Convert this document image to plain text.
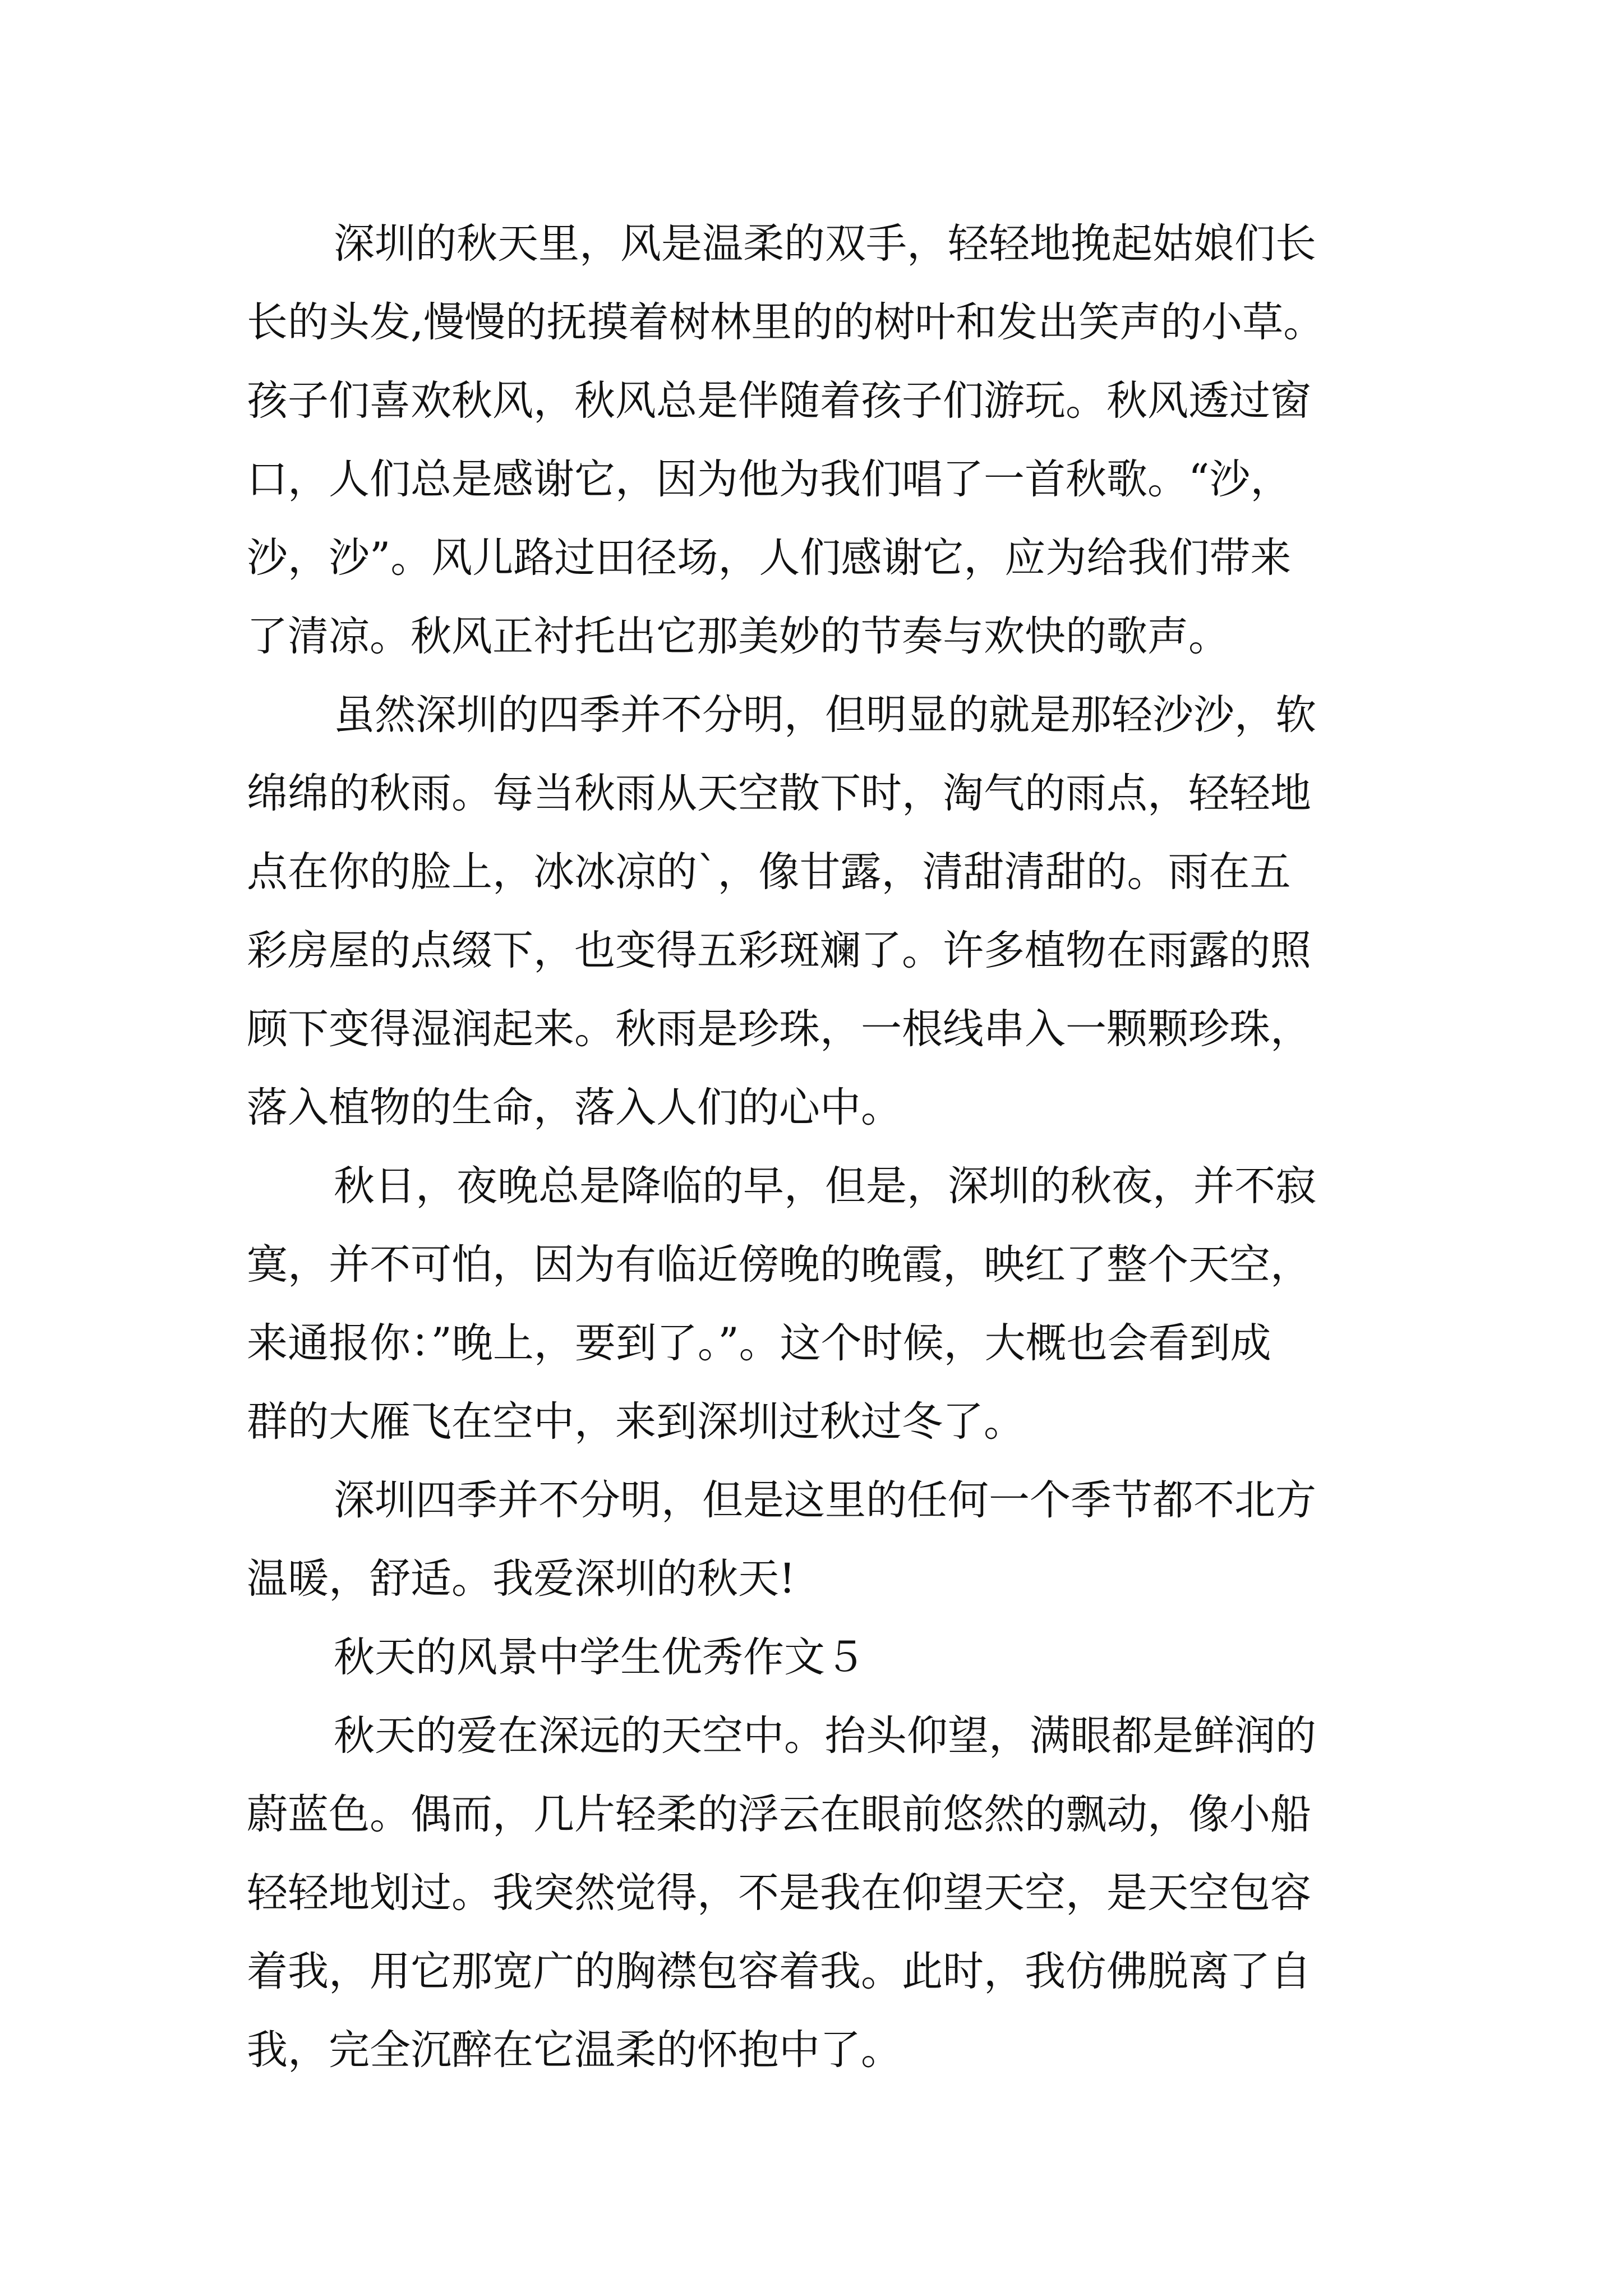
深圳的秋天里，风是温柔的双手，轻轻地挽起姑娘们长

长的头发,慢慢的抚摸着树林里的的树叶和发出笑声的小草。

孩子们喜欢秋风，秋风总是伴随着孩子们游玩。秋风透过窗

口，人们总是感谢它，因为他为我们唱了一首秋歌。“沙，

沙，沙”。风儿路过田径场，人们感谢它，应为给我们带来

了清凉。秋风正衬托出它那美妙的节奏与欢快的歌声。

虽然深圳的四季并不分明，但明显的就是那轻沙沙，软

绵绵的秋雨。每当秋雨从天空散下时，淘气的雨点，轻轻地

点在你的脸上，冰冰凉的`，像甘露，清甜清甜的。雨在五

彩房屋的点缀下，也变得五彩斑斓了。许多植物在雨露的照

顾下变得湿润起来。秋雨是珍珠，一根线串入一颗颗珍珠，

落入植物的生命，落入人们的心中。

秋日，夜晚总是降临的早，但是，深圳的秋夜，并不寂

寞，并不可怕，因为有临近傍晚的晚霞，映红了整个天空，

来通报你：”晚上，要到了。”。这个时候，大概也会看到成

群的大雁飞在空中，来到深圳过秋过冬了。

深圳四季并不分明，但是这里的任何一个季节都不北方

温暖，舒适。我爱深圳的秋天!

秋天的风景中学生优秀作文５

秋天的爱在深远的天空中。抬头仰望，满眼都是鲜润的

蔚蓝色。偶而，几片轻柔的浮云在眼前悠然的飘动，像小船

轻轻地划过。我突然觉得，不是我在仰望天空，是天空包容

着我，用它那宽广的胸襟包容着我。此时，我仿佛脱离了自

我，完全沉醉在它温柔的怀抱中了。
